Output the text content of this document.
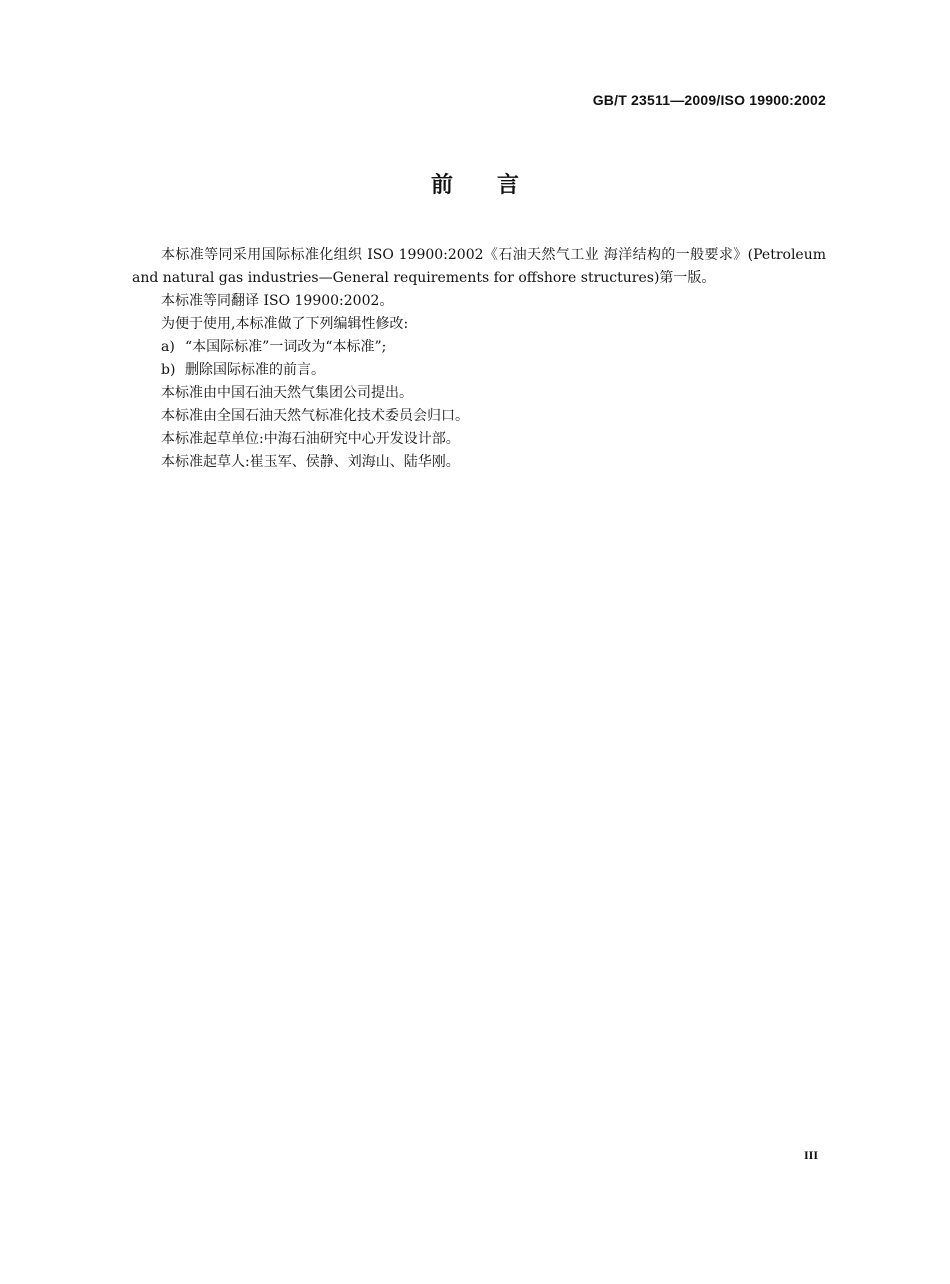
GB/T 23511—2009/ISO 19900:2002
前言

本标准等同采用国际标准化组织 ISO 19900:2002《石油天然气工业 海洋结构的一般要求》(Petroleum and natural gas industries—General requirements for offshore structures)第一版。

本标准等同翻译 ISO 19900:2002。

为便于使用,本标准做了下列编辑性修改:

a) “本国际标准”一词改为“本标准”;

b) 删除国际标准的前言。

本标准由中国石油天然气集团公司提出。

本标准由全国石油天然气标准化技术委员会归口。

本标准起草单位:中海石油研究中心开发设计部。

本标准起草人:崔玉军、侯静、刘海山、陆华刚。

III
